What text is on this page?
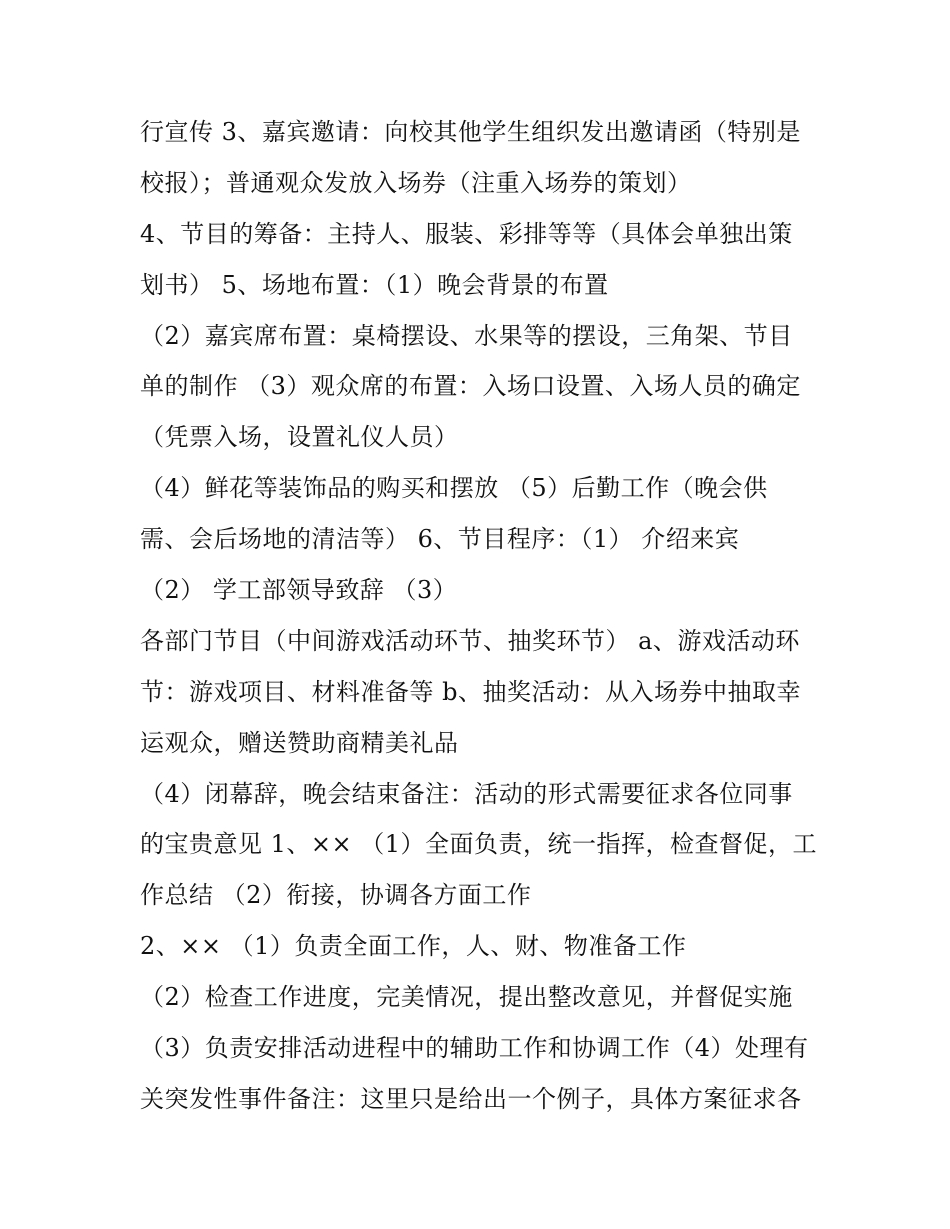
行宣传 3、嘉宾邀请：向校其他学生组织发出邀请函（特别是
校报）；普通观众发放入场券（注重入场券的策划）
4、节目的筹备：主持人、服装、彩排等等（具体会单独出策
划书） 5、场地布置：（1）晚会背景的布置
（2）嘉宾席布置：桌椅摆设、水果等的摆设，三角架、节目
单的制作 （3）观众席的布置：入场口设置、入场人员的确定
（凭票入场，设置礼仪人员）
（4）鲜花等装饰品的购买和摆放 （5）后勤工作（晚会供
需、会后场地的清洁等） 6、节目程序：（1） 介绍来宾
（2） 学工部领导致辞 （3）
各部门节目（中间游戏活动环节、抽奖环节） a、游戏活动环
节：游戏项目、材料准备等 b、抽奖活动：从入场券中抽取幸
运观众，赠送赞助商精美礼品
（4）闭幕辞，晚会结束备注：活动的形式需要征求各位同事
的宝贵意见 1、×× （1）全面负责，统一指挥，检查督促，工
作总结 （2）衔接，协调各方面工作
2、×× （1）负责全面工作，人、财、物准备工作
（2）检查工作进度，完美情况，提出整改意见，并督促实施
（3）负责安排活动进程中的辅助工作和协调工作（4）处理有
关突发性事件备注：这里只是给出一个例子，具体方案征求各
